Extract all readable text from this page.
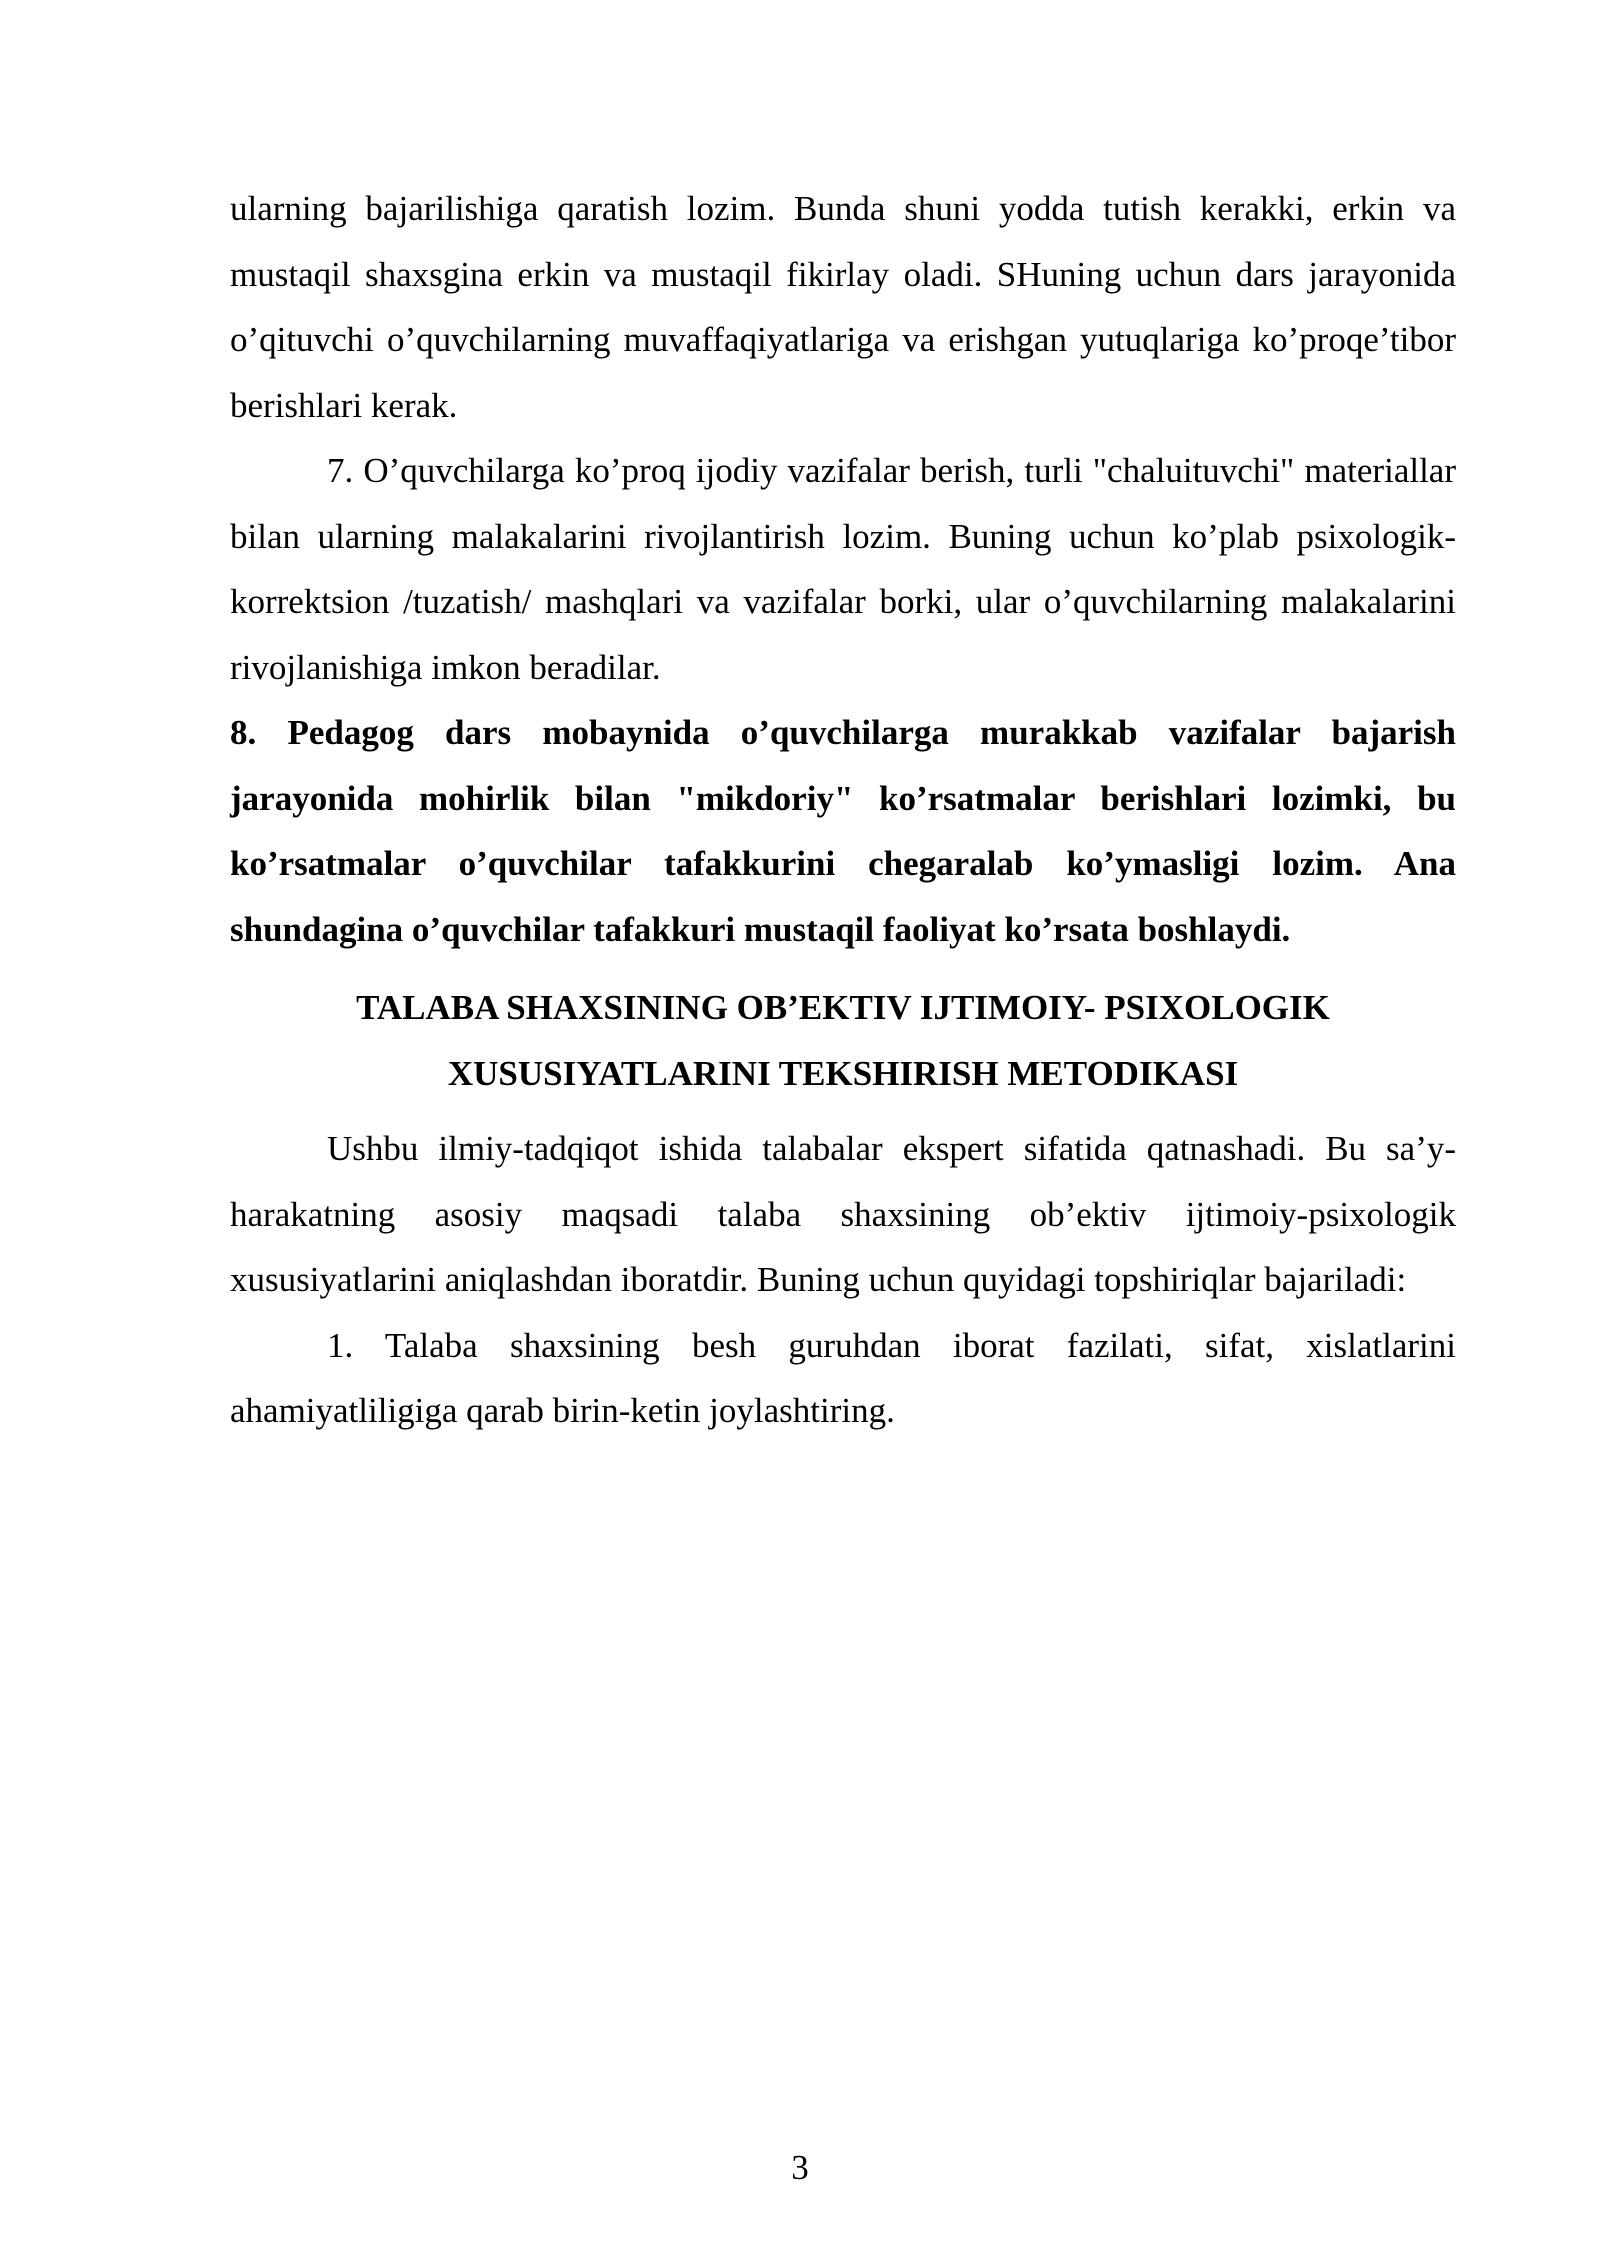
ularning bajarilishiga qaratish lozim. Bunda shuni yodda tutish kerakki, erkin va mustaqil shaxsgina erkin va mustaqil fikirlay oladi. SHuning uchun dars jarayonida o’qituvchi o’quvchilarning muvaffaqiyatlariga va erishgan yutuqlariga ko’proqe’tibor berishlari kerak.

7. O’quvchilarga ko’proq ijodiy vazifalar berish, turli "chaluituvchi" materiallar bilan ularning malakalarini rivojlantirish lozim. Buning uchun ko’plab psixologik-korrektsion /tuzatish/ mashqlari va vazifalar borki, ular o’quvchilarning malakalarini rivojlanishiga imkon beradilar.

8. Pedagog dars mobaynida o’quvchilarga murakkab vazifalar bajarish jarayonida mohirlik bilan "mikdoriy" ko’rsatmalar berishlari lozimki, bu ko’rsatmalar o’quvchilar tafakkurini chegaralab ko’ymasligi lozim. Ana shundagina o’quvchilar tafakkuri mustaqil faoliyat ko’rsata boshlaydi.

TALABA SHAXSINING OB’EKTIV IJTIMOIY- PSIXOLOGIK
XUSUSIYATLARINI TEKSHIRISH METODIKASI

Ushbu ilmiy-tadqiqot ishida talabalar ekspert sifatida qatnashadi. Bu sa’y-harakatning asosiy maqsadi talaba shaxsining ob’ektiv ijtimoiy-psixologik xususiyatlarini aniqlashdan iboratdir. Buning uchun quyidagi topshiriqlar bajariladi:

1. Talaba shaxsining besh guruhdan iborat fazilati, sifat, xislatlarini ahamiyatliligiga qarab birin-ketin joylashtiring.

3
